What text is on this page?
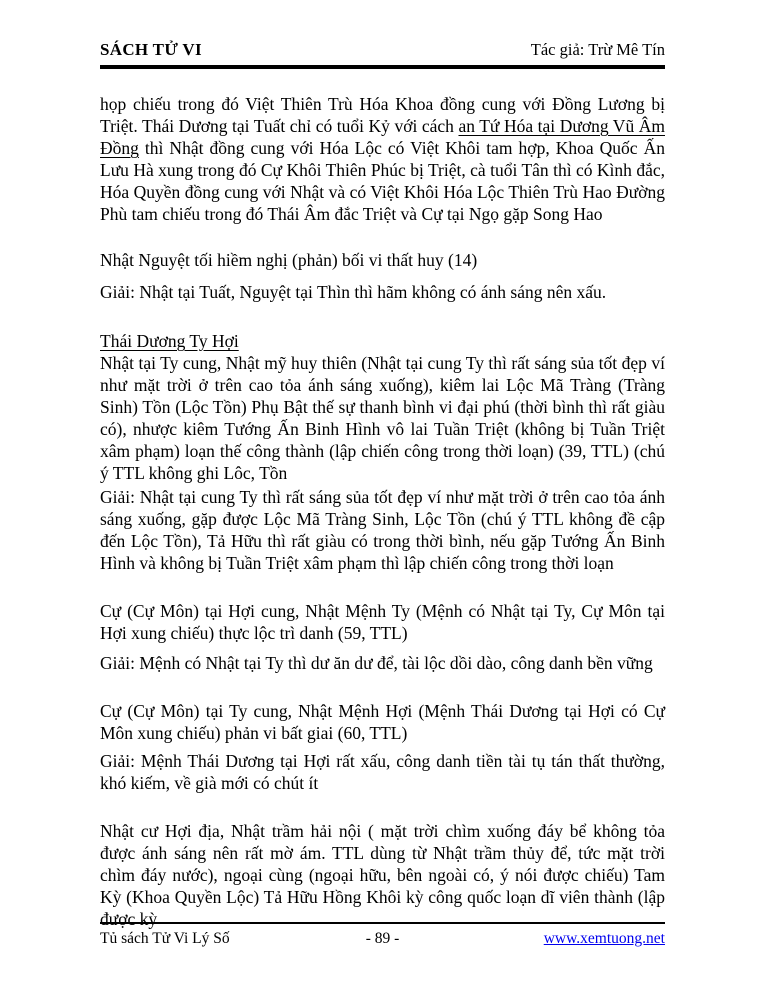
SÁCH TỬ VI	Tác giả: Trừ Mê Tín

họp chiếu trong đó Việt Thiên Trù Hóa Khoa đồng cung với Đồng Lương bị Triệt. Thái Dương tại Tuất chỉ có tuổi Kỷ với cách an Tứ Hóa tại Dương Vũ Âm Đồng thì Nhật đồng cung với Hóa Lộc có Việt Khôi tam hợp, Khoa Quốc Ấn Lưu Hà xung trong đó Cự Khôi Thiên Phúc bị Triệt, cà tuổi Tân thì có Kình đắc, Hóa Quyền đồng cung với Nhật và có Việt Khôi Hóa Lộc Thiên Trù Hao Đường Phù tam chiếu trong đó Thái Âm đắc Triệt và Cự tại Ngọ gặp Song Hao

Nhật Nguyệt tối hiềm nghị (phản) bối vi thất huy (14)

Giải: Nhật tại Tuất, Nguyệt tại Thìn thì hãm không có ánh sáng nên xấu.

Thái Dương Ty Hợi

Nhật tại Ty cung, Nhật mỹ huy thiên (Nhật tại cung Ty thì rất sáng sủa tốt đẹp ví như mặt trời ở trên cao tỏa ánh sáng xuống), kiêm lai Lộc Mã Tràng (Tràng Sinh) Tồn (Lộc Tồn) Phụ Bật thế sự thanh bình vi đại phú (thời bình thì rất giàu có), nhược kiêm Tướng Ấn Binh Hình vô lai Tuần Triệt (không bị Tuần Triệt xâm phạm) loạn thế công thành (lập chiến công trong thời loạn) (39, TTL) (chú ý TTL không ghi Lôc, Tồn

Giải: Nhật tại cung Ty thì rất sáng sủa tốt đẹp ví như mặt trời ở trên cao tỏa ánh sáng xuống, gặp được Lộc Mã Tràng Sinh, Lộc Tồn (chú ý TTL không đề cập đến Lộc Tồn), Tả Hữu thì rất giàu có trong thời bình, nếu gặp Tướng Ấn Binh Hình và không bị Tuần Triệt xâm phạm thì lập chiến công trong thời loạn

Cự (Cự Môn) tại Hợi cung, Nhật Mệnh Ty (Mệnh có Nhật tại Ty, Cự Môn tại Hợi xung chiếu) thực lộc trì danh (59, TTL)

Giải: Mệnh có Nhật tại Ty thì dư ăn dư để, tài lộc dồi dào, công danh bền vững

Cự (Cự Môn) tại Ty cung, Nhật Mệnh Hợi (Mệnh Thái Dương tại Hợi có Cự Môn xung chiếu) phản vi bất giai (60, TTL)

Giải: Mệnh Thái Dương tại Hợi rất xấu, công danh tiền tài tụ tán thất thường, khó kiếm, về già mới có chút ít

Nhật cư Hợi địa, Nhật trầm hải nội ( mặt trời chìm xuống đáy bể không tỏa được ánh sáng nên rất mờ ám. TTL dùng từ Nhật trầm thủy để, tức mặt trời chìm đáy nước), ngoại cùng (ngoại hữu, bên ngoài có, ý nói được chiếu) Tam Kỳ (Khoa Quyền Lộc) Tả Hữu Hồng Khôi kỳ công quốc loạn dĩ viên thành (lập được kỳ

Tủ sách Tử Vi Lý Số	- 89 -	www.xemtuong.net
